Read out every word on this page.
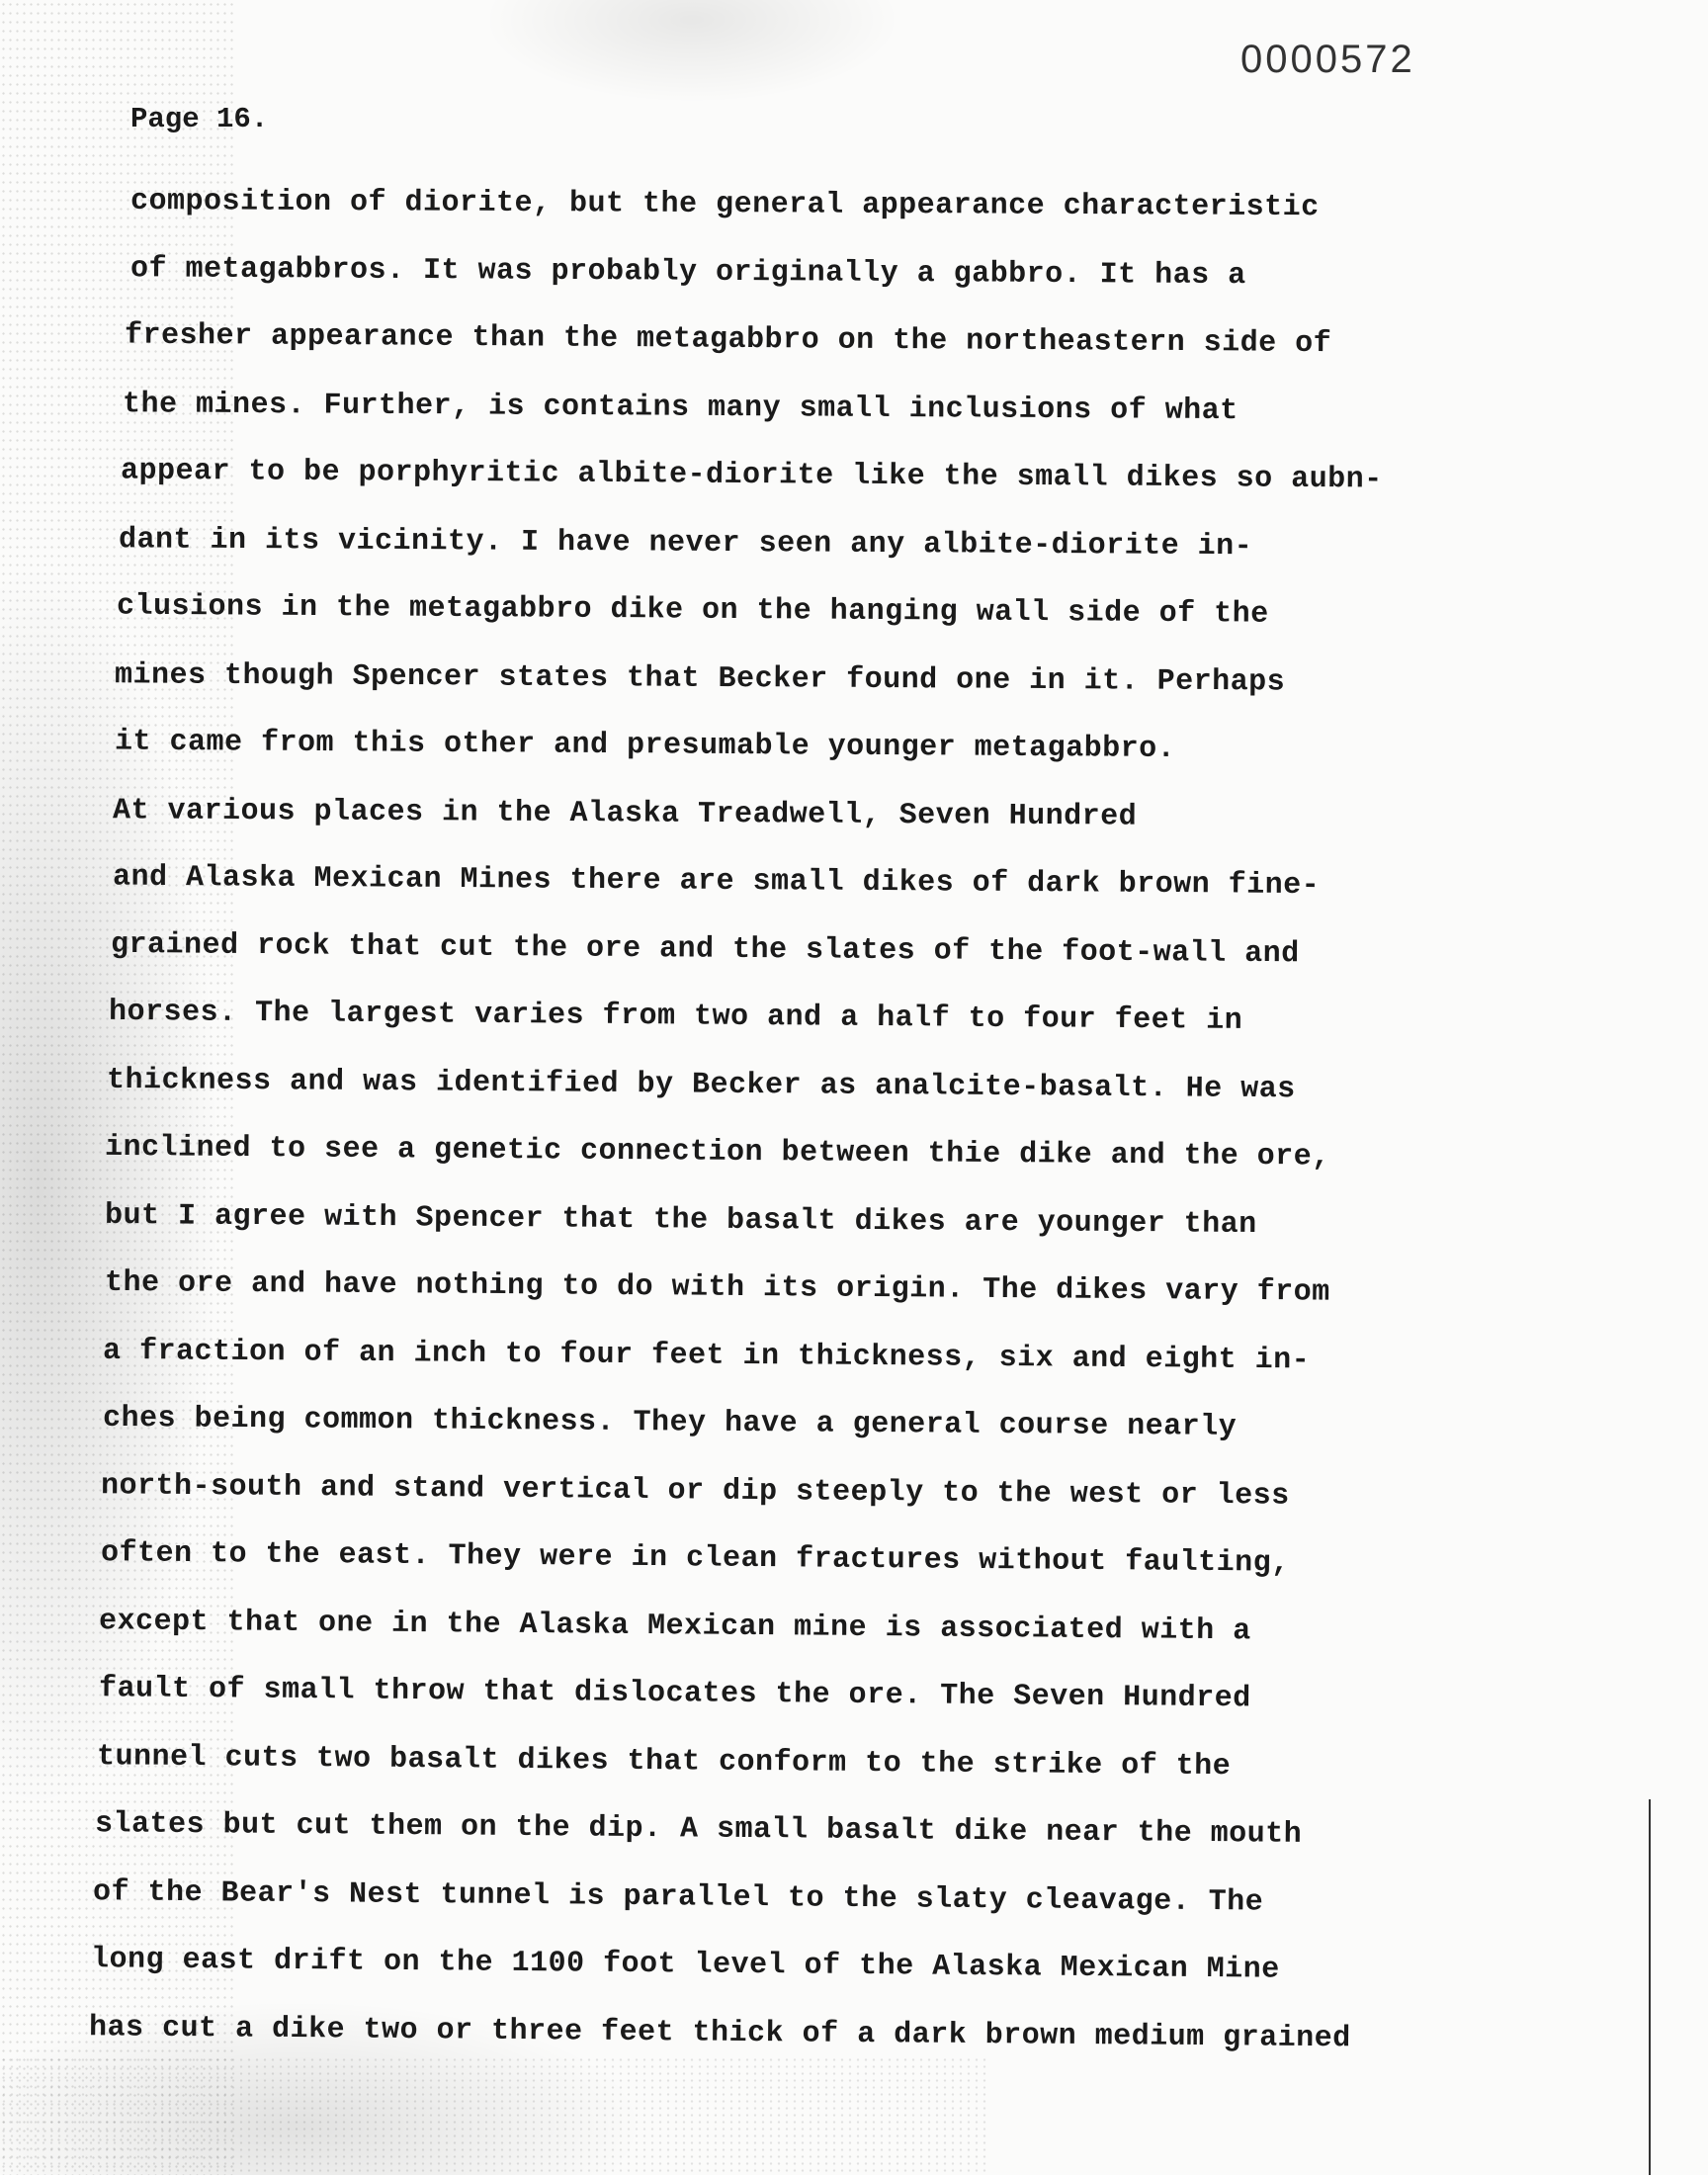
0000572
Page 16.
composition of diorite, but the general appearance characteristic
of metagabbros. It was probably originally a gabbro. It has a
fresher appearance than the metagabbro on the northeastern side of
the mines. Further, is contains many small inclusions of what
appear to be porphyritic albite-diorite like the small dikes so aubn-
dant in its vicinity. I have never seen any albite-diorite in-
clusions in the metagabbro dike on the hanging wall side of the
mines though Spencer states that Becker found one in it. Perhaps
it came from this other and presumable younger metagabbro.
At various places in the Alaska Treadwell, Seven Hundred
and Alaska Mexican Mines there are small dikes of dark brown fine-
grained rock that cut the ore and the slates of the foot-wall and
horses. The largest varies from two and a half to four feet in
thickness and was identified by Becker as analcite-basalt. He was
inclined to see a genetic connection between thie dike and the ore,
but I agree with Spencer that the basalt dikes are younger than
the ore and have nothing to do with its origin. The dikes vary from
a fraction of an inch to four feet in thickness, six and eight in-
ches being common thickness. They have a general course nearly
north-south and stand vertical or dip steeply to the west or less
often to the east. They were in clean fractures without faulting,
except that one in the Alaska Mexican mine is associated with a
fault of small throw that dislocates the ore. The Seven Hundred
tunnel cuts two basalt dikes that conform to the strike of the
slates but cut them on the dip. A small basalt dike near the mouth
of the Bear's Nest tunnel is parallel to the slaty cleavage. The
long east drift on the 1100 foot level of the Alaska Mexican Mine
has cut a dike two or three feet thick of a dark brown medium grained
